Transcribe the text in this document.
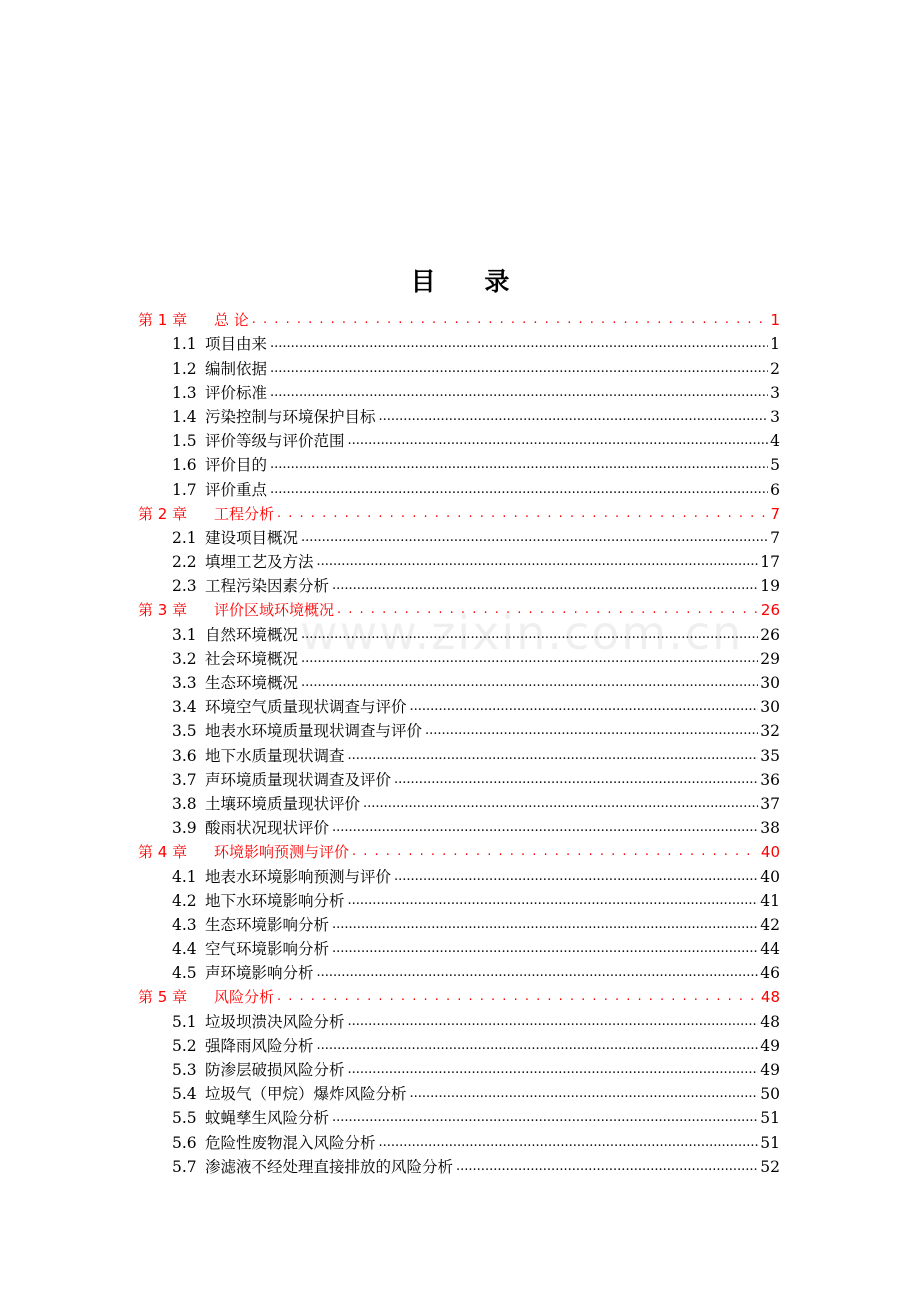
目 录
www.zixin.com.cn
第 1 章	总 论 . . .	1
1.1 项目由来 .....	1
1.2 编制依据 .....	2
1.3 评价标准 .....	3
1.4 污染控制与环境保护目标 .....	3
1.5 评价等级与评价范围 .....	4
1.6 评价目的 .....	5
1.7 评价重点 .....	6
第 2 章	工程分析 . . .	7
2.1 建设项目概况 .....	7
2.2 填埋工艺及方法 .....	17
2.3 工程污染因素分析 .....	19
第 3 章	评价区域环境概况 . . .	26
3.1 自然环境概况 .....	26
3.2 社会环境概况 .....	29
3.3 生态环境概况 .....	30
3.4 环境空气质量现状调查与评价 .....	30
3.5 地表水环境质量现状调查与评价 .....	32
3.6 地下水质量现状调查 .....	35
3.7 声环境质量现状调查及评价 .....	36
3.8 土壤环境质量现状评价 .....	37
3.9 酸雨状况现状评价 .....	38
第 4 章	环境影响预测与评价 . . .	40
4.1 地表水环境影响预测与评价 .....	40
4.2 地下水环境影响分析 .....	41
4.3 生态环境影响分析 .....	42
4.4 空气环境影响分析 .....	44
4.5 声环境影响分析 .....	46
第 5 章	风险分析 . . .	48
5.1 垃圾坝溃决风险分析 .....	48
5.2 强降雨风险分析 .....	49
5.3 防渗层破损风险分析 .....	49
5.4 垃圾气（甲烷）爆炸风险分析 .....	50
5.5 蚊蝇孳生风险分析 .....	51
5.6 危险性废物混入风险分析 .....	51
5.7 渗滤液不经处理直接排放的风险分析 .....	52
